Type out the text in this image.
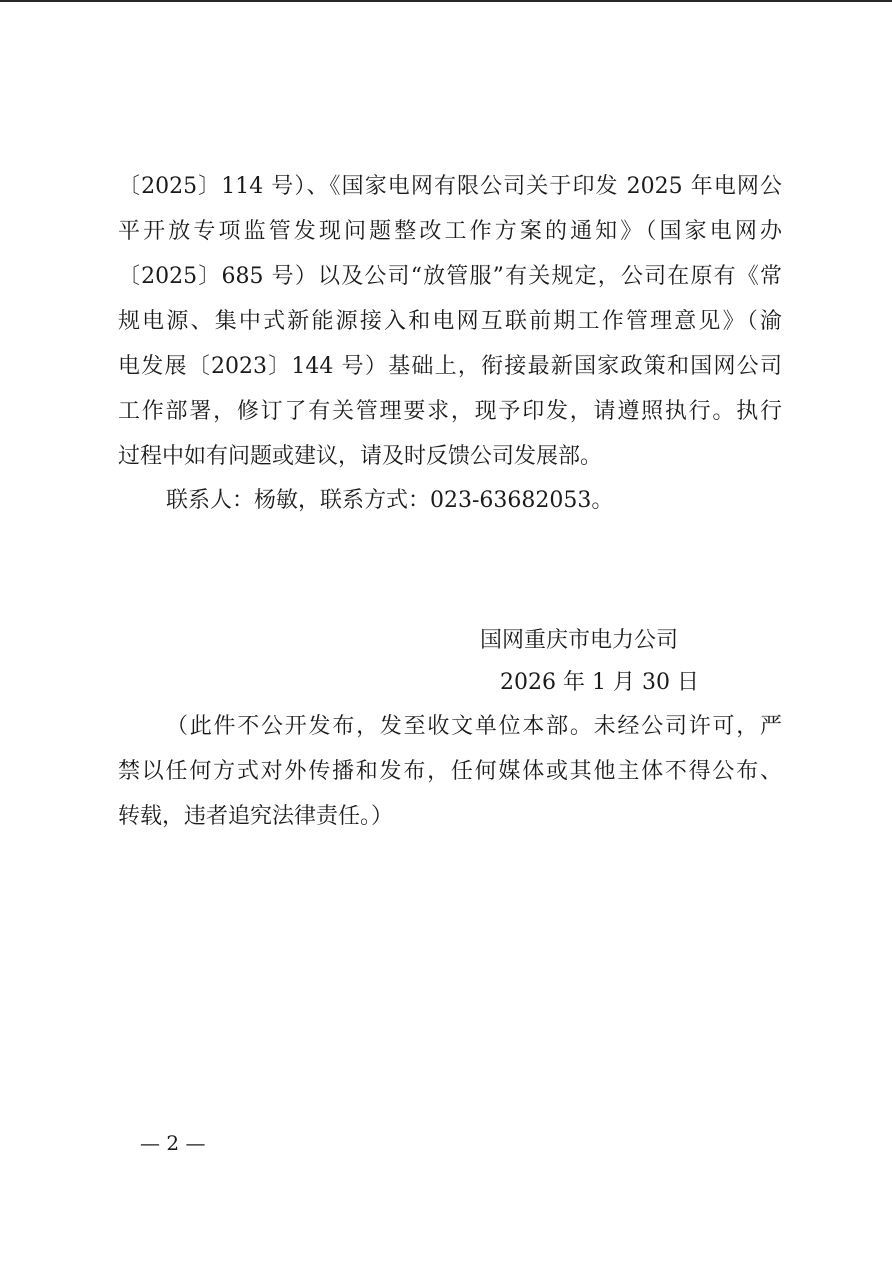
〔2025〕114 号）、《国家电网有限公司关于印发 2025 年电网公
平开放专项监管发现问题整改工作方案的通知》（国家电网办
〔2025〕685 号）以及公司“放管服”有关规定，公司在原有《常
规电源、集中式新能源接入和电网互联前期工作管理意见》（渝
电发展〔2023〕144 号）基础上，衔接最新国家政策和国网公司
工作部署，修订了有关管理要求，现予印发，请遵照执行。执行
过程中如有问题或建议，请及时反馈公司发展部。
联系人：杨敏，联系方式：023-63682053。
国网重庆市电力公司
2026 年 1 月 30 日
（此件不公开发布，发至收文单位本部。未经公司许可，严
禁以任何方式对外传播和发布，任何媒体或其他主体不得公布、
转载，违者追究法律责任。）
— 2 —
